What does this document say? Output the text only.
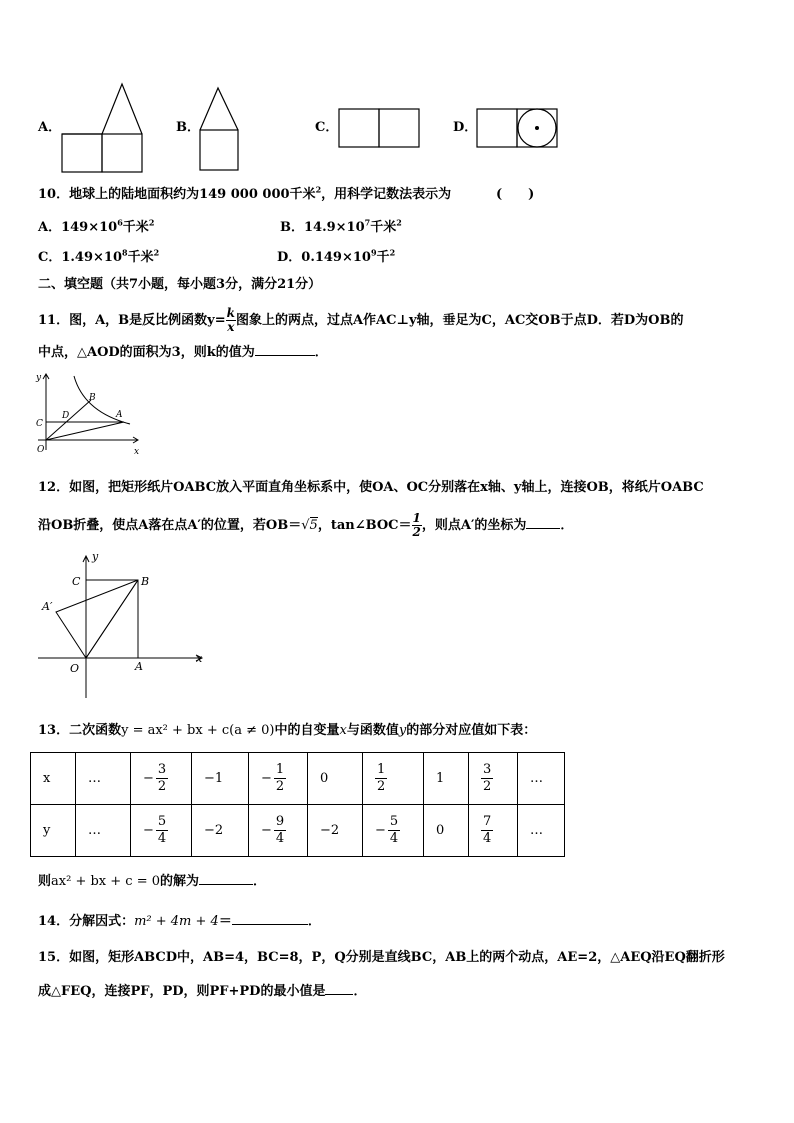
A．	B．	C．	D．
10．地球上的陆地面积约为149 000 000千米$^2$，用科学记数法表示为	(　　)
A．$149\times 10^6$千米$^2$	B．$14.9\times 10^7$千米$^2$
C．$1.49\times 10^8$千米$^2$	D．$0.149\times 10^9$千$^2$
二、填空题（共7小题，每小题3分，满分21分）
11．图，A，B是反比例函数$y= \frac{k}{x}$ 图象上的两点，过点A作AC⊥y轴，垂足为C，AC交OB于点D．若D为OB的
中点，△AOD的面积为3，则k的值为	．
y
x
O
C
D
B
A
12．如图，把矩形纸片OABC放入平面直角坐标系中，使OA、OC分别落在x轴、y轴上，连接OB，将纸片OABC
沿OB折叠，使点A落在点A′的位置，若OB＝√5，tan∠BOC＝ $\frac{1}{2}$ ，则点A′的坐标为	．
y
x
O
C	B
A
A′
13．二次函数y = ax² + bx + c(a ≠ 0)中的自变量x与函数值y的部分对应值如下表：
x	…	− $\frac{3}{2}$	−1	− $\frac{1}{2}$	0	$\frac{1}{2}$	1	$\frac{3}{2}$	…
y	…	− $\frac{5}{4}$	−2	− $\frac{9}{4}$	−2	− $\frac{5}{4}$	0	$\frac{7}{4}$	…
则ax² + bx + c = 0的解为	．
14．分解因式：m² + 4m + 4＝	．
15．如图，矩形ABCD中，AB=4，BC=8，P，Q分别是直线BC，AB上的两个动点，AE=2，△AEQ沿EQ翻折形
成△FEQ，连接PF，PD，则PF+PD的最小值是 ．
